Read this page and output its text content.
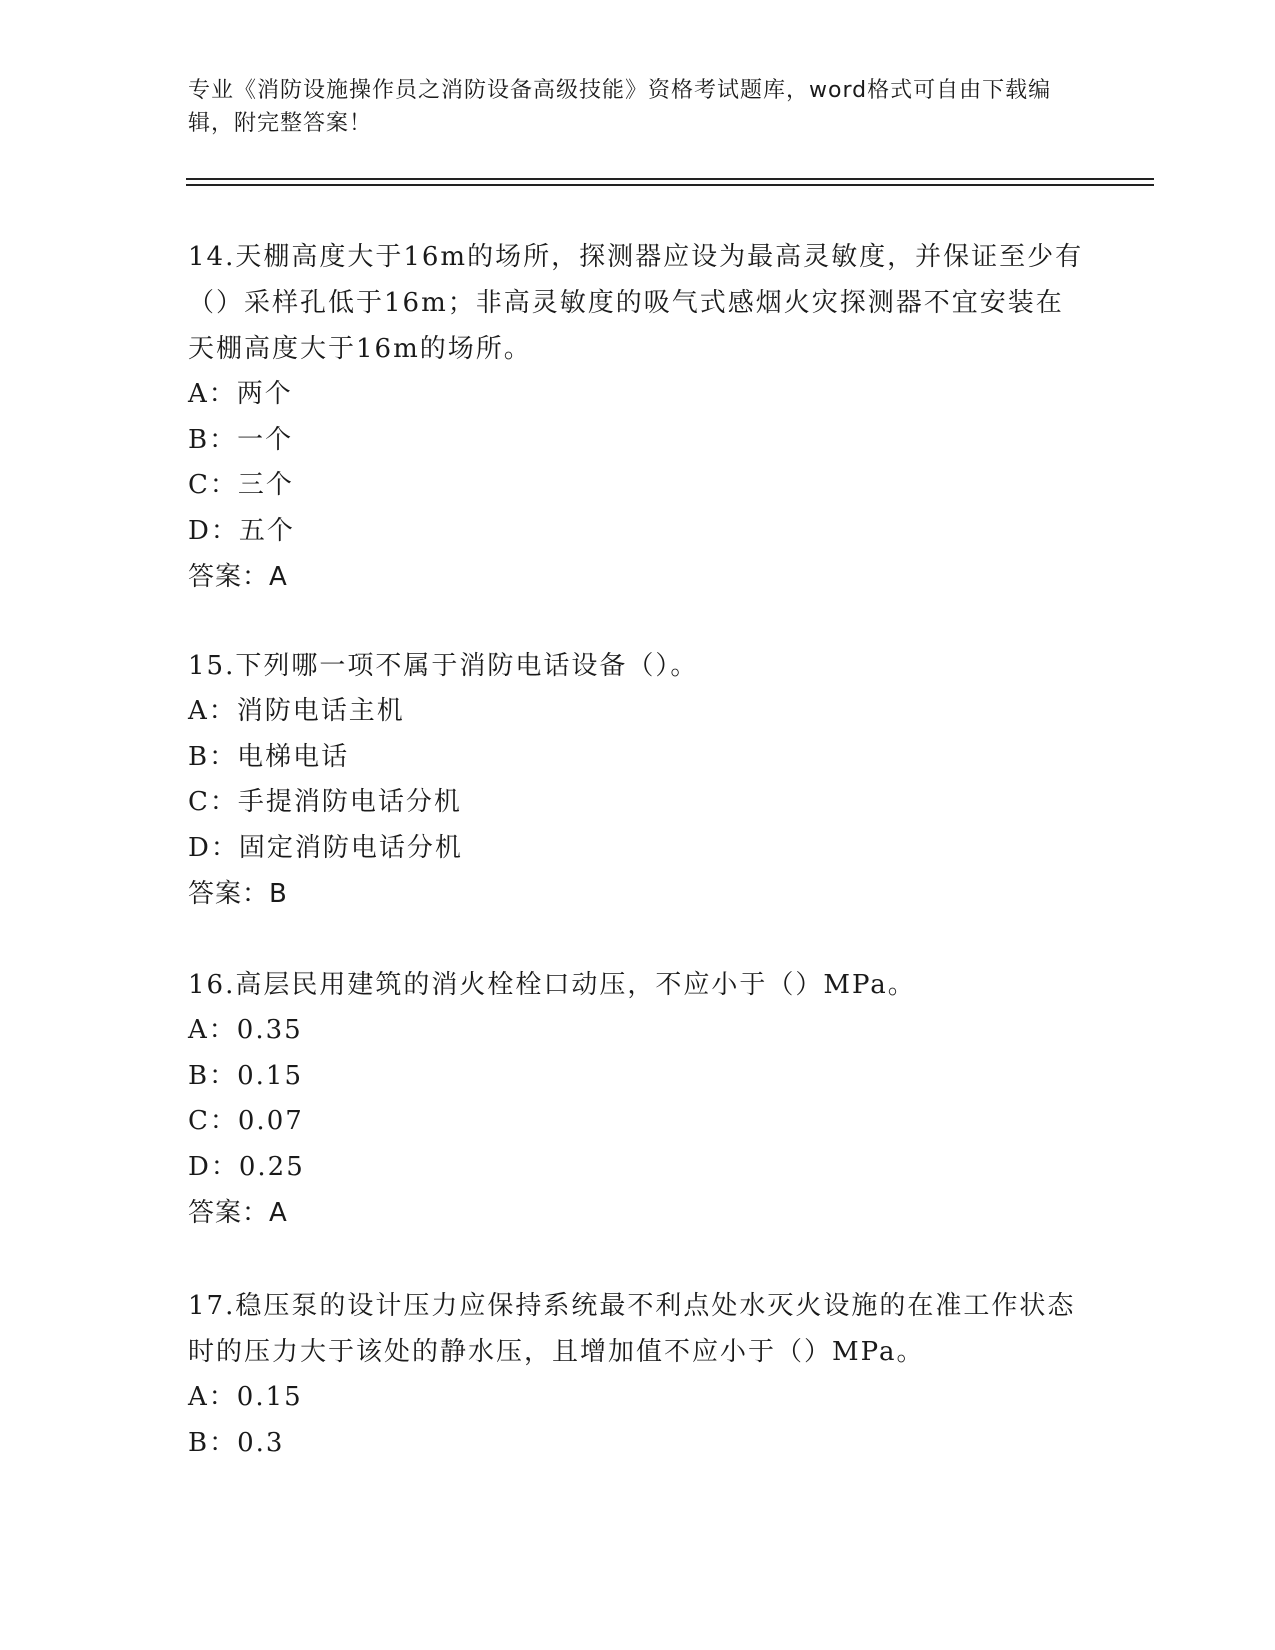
专业《消防设施操作员之消防设备高级技能》资格考试题库，word格式可自由下载编辑，附完整答案！

14.天棚高度大于16m的场所，探测器应设为最高灵敏度，并保证至少有（）采样孔低于16m；非高灵敏度的吸气式感烟火灾探测器不宜安装在天棚高度大于16m的场所。

A：两个

B：一个

C：三个

D：五个

答案：A

15.下列哪一项不属于消防电话设备（）。

A：消防电话主机

B：电梯电话

C：手提消防电话分机

D：固定消防电话分机

答案：B

16.高层民用建筑的消火栓栓口动压，不应小于（）MPa。

A：0.35

B：0.15

C：0.07

D：0.25

答案：A

17.稳压泵的设计压力应保持系统最不利点处水灭火设施的在准工作状态时的压力大于该处的静水压，且增加值不应小于（）MPa。

A：0.15

B：0.3
